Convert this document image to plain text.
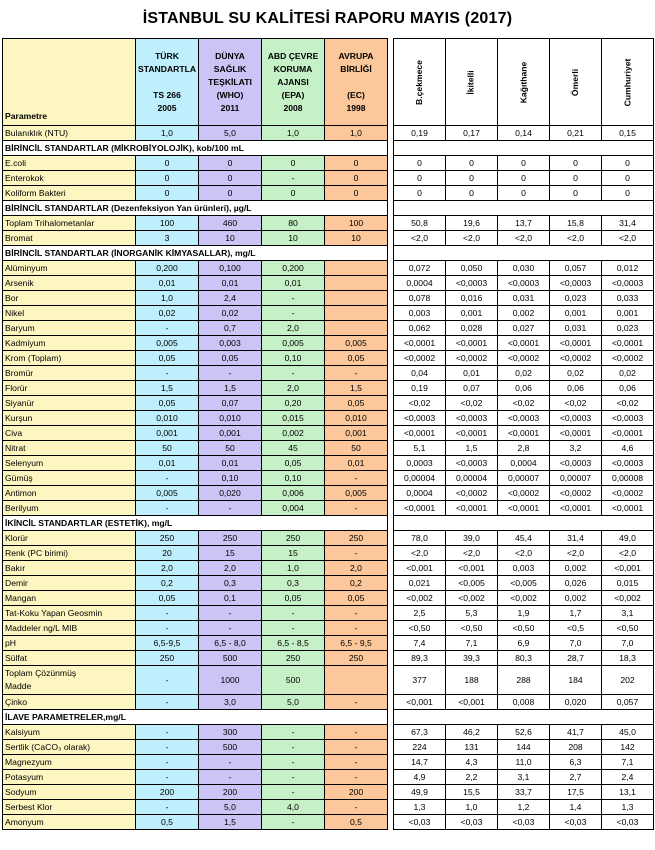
İSTANBUL SU KALİTESİ RAPORU MAYIS (2017)
Parametre	TÜRK
STANDARTLA

TS 266
2005	DÜNYA
SAĞLIK
TEŞKİLATI
(WHO)
2011	ABD ÇEVRE
KORUMA
AJANSI
(EPA)
2008	AVRUPA
BİRLİĞİ

(EC)
1998		B.çekmece	İkitelli	Kağıthane	Ömerli	Cumhuriyet
Bulanıklık (NTU)	1,0	5,0	1,0	1,0		0,19	0,17	0,14	0,21	0,15
BİRİNCİL STANDARTLAR (MİKROBİYOLOJİK), kob/100 mL										
E.coli	0	0	0	0		0	0	0	0	0
Enterokok	0	0	-	0		0	0	0	0	0
Koliform Bakteri	0	0	0	0		0	0	0	0	0
BİRİNCİL STANDARTLAR (Dezenfeksiyon Yan ürünleri), µg/L										
Toplam Trihalometanlar	100	460	80	100		50,8	19,6	13,7	15,8	31,4
Bromat	3	10	10	10		<2,0	<2,0	<2,0	<2,0	<2,0
BİRİNCİL STANDARTLAR (İNORGANİK KİMYASALLAR), mg/L										
Alüminyum	0,200	0,100	0,200			0,072	0,050	0,030	0,057	0,012
Arsenik	0,01	0,01	0,01			0,0004	<0,0003	<0,0003	<0,0003	<0,0003
Bor	1,0	2,4	-			0,078	0,016	0,031	0,023	0,033
Nikel	0,02	0,02	-			0,003	0,001	0,002	0,001	0,001
Baryum	-	0,7	2,0			0,062	0,028	0,027	0,031	0,023
Kadmiyum	0,005	0,003	0,005	0,005		<0,0001	<0,0001	<0,0001	<0,0001	<0,0001
Krom (Toplam)	0,05	0,05	0,10	0,05		<0,0002	<0,0002	<0,0002	<0,0002	<0,0002
Bromür	-	-	-	-		0,04	0,01	0,02	0,02	0,02
Florür	1,5	1,5	2,0	1,5		0,19	0,07	0,06	0,06	0,06
Siyanür	0,05	0,07	0,20	0,05		<0,02	<0,02	<0,02	<0,02	<0,02
Kurşun	0,010	0,010	0,015	0,010		<0,0003	<0,0003	<0,0003	<0,0003	<0,0003
Civa	0,001	0,001	0,002	0,001		<0,0001	<0,0001	<0,0001	<0,0001	<0,0001
Nitrat	50	50	45	50		5,1	1,5	2,8	3,2	4,6
Selenyum	0,01	0,01	0,05	0,01		0,0003	<0,0003	0,0004	<0,0003	<0,0003
Gümüş	-	0,10	0,10	-		0,00004	0,00004	0,00007	0,00007	0,00008
Antimon	0,005	0,020	0,006	0,005		0,0004	<0,0002	<0,0002	<0,0002	<0,0002
Berilyum	-	-	0,004	-		<0,0001	<0,0001	<0,0001	<0,0001	<0,0001
İKİNCİL STANDARTLAR (ESTETİK), mg/L										
Klorür	250	250	250	250		78,0	39,0	45,4	31,4	49,0
Renk (PC birimi)	20	15	15	-		<2,0	<2,0	<2,0	<2,0	<2,0
Bakır	2,0	2,0	1,0	2,0		<0,001	<0,001	0,003	0,002	<0,001
Demir	0,2	0,3	0,3	0,2		0,021	<0,005	<0,005	0,026	0,015
Mangan	0,05	0,1	0,05	0,05		<0,002	<0,002	<0,002	0,002	<0,002
Tat-Koku Yapan Geosmin	-	-	-	-		2,5	5,3	1,9	1,7	3,1
Maddeler ng/L MIB	-	-	-	-		<0,50	<0,50	<0,50	<0,5	<0,50
pH	6,5-9,5	6,5 - 8,0	6,5 - 8,5	6,5 - 9,5		7,4	7,1	6,9	7,0	7,0
Sülfat	250	500	250	250		89,3	39,3	80,3	28,7	18,3

Toplam Çözünmüş
Madde	-	1000	500			377	188	288	184	202
Çinko	-	3,0	5,0	-		<0,001	<0,001	0,008	0,020	0,057
İLAVE PARAMETRELER,mg/L										
Kalsiyum	-	300	-	-		67,3	46,2	52,6	41,7	45,0
Sertlik (CaCO₃ olarak)	-	500	-	-		224	131	144	208	142
Magnezyum	-	-	-	-		14,7	4,3	11,0	6,3	7,1
Potasyum	-	-	-	-		4,9	2,2	3,1	2,7	2,4
Sodyum	200	200	-	200		49,9	15,5	33,7	17,5	13,1
Serbest Klor	-	5,0	4,0	-		1,3	1,0	1,2	1,4	1,3
Amonyum	0,5	1,5	-	0,5		<0,03	<0,03	<0,03	<0,03	<0,03
